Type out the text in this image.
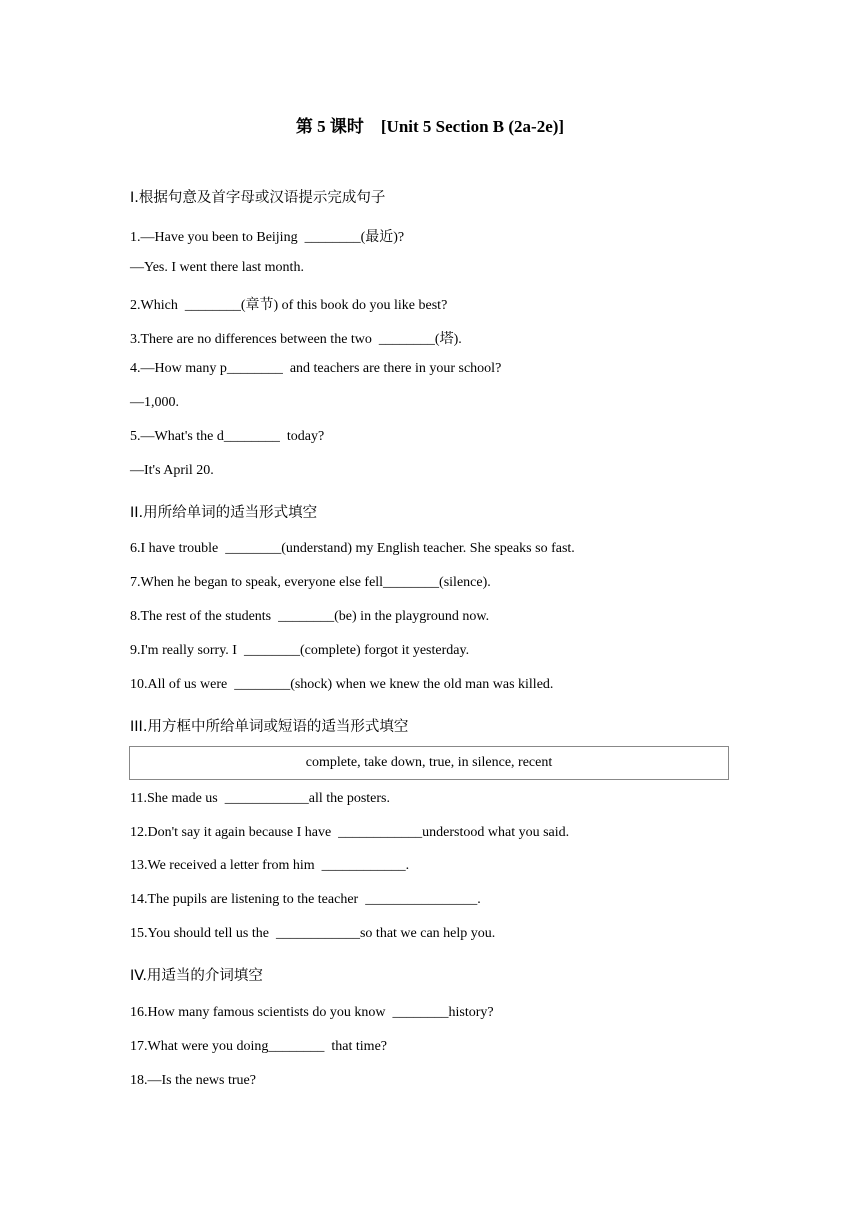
第 5 课时    [Unit 5 Section B (2a-2e)]
I.根据句意及首字母或汉语提示完成句子
1.—Have you been to Beijing  ________(最近)?
—Yes. I went there last month.
2.Which  ________(章节) of this book do you like best?
3.There are no differences between the two  ________(塔).
4.—How many p________  and teachers are there in your school?
—1,000.
5.—What's the d________  today?
—It's April 20.
II.用所给单词的适当形式填空
6.I have trouble  ________(understand) my English teacher. She speaks so fast.
7.When he began to speak, everyone else fell________(silence).
8.The rest of the students  ________(be) in the playground now.
9.I'm really sorry. I  ________(complete) forgot it yesterday.
10.All of us were  ________(shock) when we knew the old man was killed.
III.用方框中所给单词或短语的适当形式填空
complete, take down, true, in silence, recent
11.She made us  ____________all the posters.
12.Don't say it again because I have  ____________understood what you said.
13.We received a letter from him  ____________.
14.The pupils are listening to the teacher  ________________.
15.You should tell us the  ____________so that we can help you.
IV.用适当的介词填空
16.How many famous scientists do you know  ________history?
17.What were you doing________  that time?
18.—Is the news true?
